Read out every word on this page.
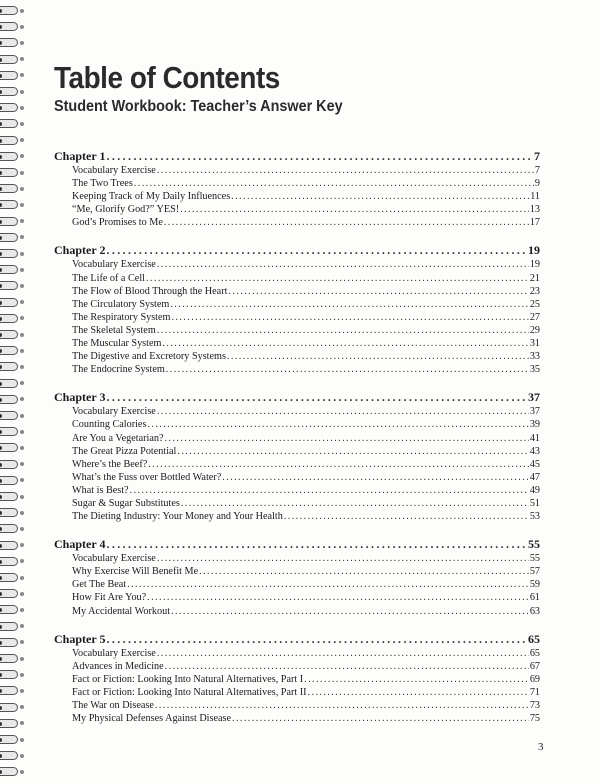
Table of Contents
Student Workbook: Teacher’s Answer Key
Chapter 1 .....	7
Vocabulary Exercise .....	7
The Two Trees .....	9
Keeping Track of My Daily Influences .....	11
“Me, Glorify God?” YES! .....	13
God’s Promises to Me .....	17
Chapter 2 .....	19
Vocabulary Exercise .....	19
The Life of a Cell .....	21
The Flow of Blood Through the Heart .....	23
The Circulatory System .....	25
The Respiratory System .....	27
The Skeletal System .....	29
The Muscular System .....	31
The Digestive and Excretory Systems .....	33
The Endocrine System .....	35
Chapter 3 .....	37
Vocabulary Exercise .....	37
Counting Calories .....	39
Are You a Vegetarian? .....	41
The Great Pizza Potential .....	43
Where’s the Beef? .....	45
What’s the Fuss over Bottled Water? .....	47
What is Best? .....	49
Sugar & Sugar Substitutes .....	51
The Dieting Industry: Your Money and Your Health .....	53
Chapter 4 .....	55
Vocabulary Exercise .....	55
Why Exercise Will Benefit Me .....	57
Get The Beat .....	59
How Fit Are You? .....	61
My Accidental Workout .....	63
Chapter 5 .....	65
Vocabulary Exercise .....	65
Advances in Medicine .....	67
Fact or Fiction: Looking Into Natural Alternatives, Part I .....	69
Fact or Fiction: Looking Into Natural Alternatives, Part II .....	71
The War on Disease .....	73
My Physical Defenses Against Disease .....	75
3
